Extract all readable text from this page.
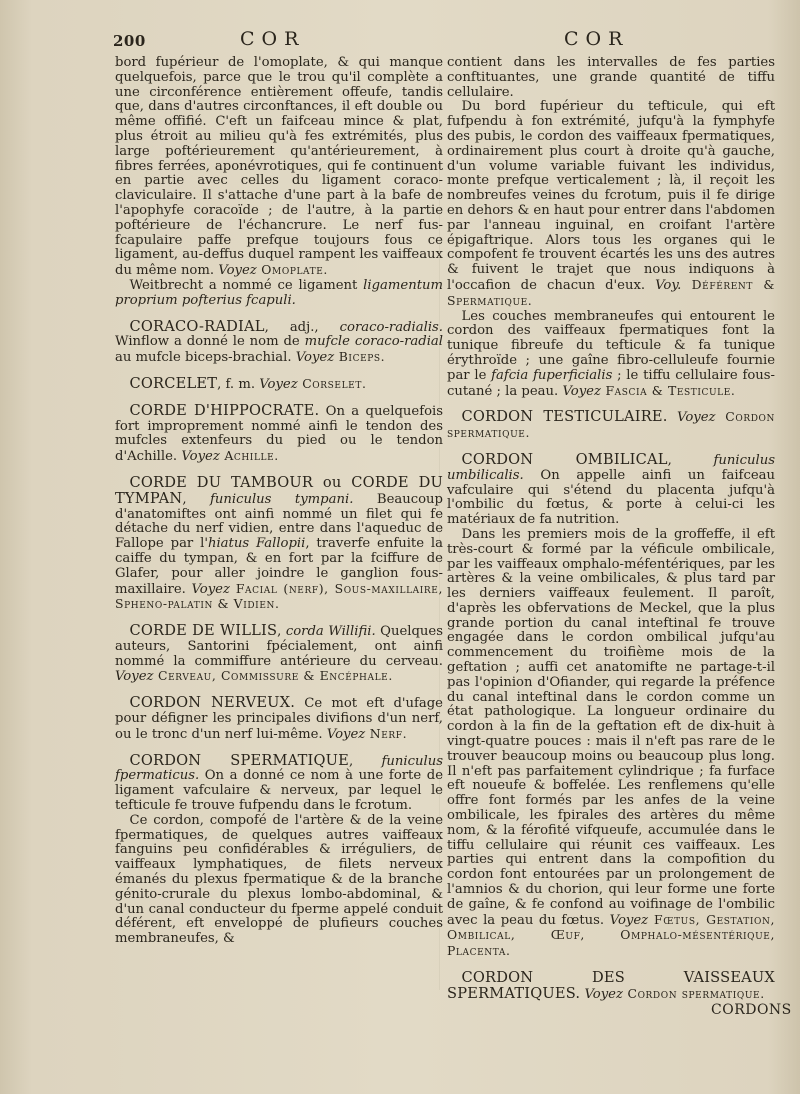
200	COR	COR

bord fupérieur de l'omoplate, & qui manque quelquefois, parce que le trou qu'il complète a une circonférence entièrement offeufe, tandis que, dans d'autres circonftances, il eft double ou même offifié. C'eft un faifceau mince & plat, plus étroit au milieu qu'à fes extrémités, plus large poftérieurement qu'antérieurement, à fibres ferrées, aponévrotiques, qui fe continuent en partie avec celles du ligament coraco-claviculaire. Il s'attache d'une part à la bafe de l'apophyfe coracoïde ; de l'autre, à la partie poftérieure de l'échancrure. Le nerf fus-fcapulaire paffe prefque toujours fous ce ligament, au-deffus duquel rampent les vaiffeaux du même nom. Voyez Omoplate.

Weitbrecht a nommé ce ligament ligamentum proprium pofterius fcapuli.

CORACO-RADIAL, adj., coraco-radialis. Winflow a donné le nom de mufcle coraco-radial au mufcle biceps-brachial. Voyez Biceps.

CORCELET, f. m. Voyez Corselet.

CORDE D'HIPPOCRATE. On a quelquefois fort improprement nommé ainfi le tendon des mufcles extenfeurs du pied ou le tendon d'Achille. Voyez Achille.

CORDE DU TAMBOUR ou CORDE DU TYMPAN, funiculus tympani. Beaucoup d'anatomiftes ont ainfi nommé un filet qui fe détache du nerf vidien, entre dans l'aqueduc de Fallope par l'hiatus Fallopii, traverfe enfuite la caiffe du tympan, & en fort par la fciffure de Glafer, pour aller joindre le ganglion fous-maxillaire. Voyez Facial (nerf), Sous-maxillaire, Spheno-palatin & Vidien.

CORDE DE WILLIS, corda Willifii. Quelques auteurs, Santorini fpécialement, ont ainfi nommé la commiffure antérieure du cerveau. Voyez Cerveau, Commissure & Encéphale.

CORDON NERVEUX. Ce mot eft d'ufage pour défigner les principales divifions d'un nerf, ou le tronc d'un nerf lui-même. Voyez Nerf.

CORDON SPERMATIQUE, funiculus fpermaticus. On a donné ce nom à une forte de ligament vafculaire & nerveux, par lequel le tefticule fe trouve fufpendu dans le fcrotum.

Ce cordon, compofé de l'artère & de la veine fpermatiques, de quelques autres vaiffeaux fanguins peu confidérables & irréguliers, de vaiffeaux lymphatiques, de filets nerveux émanés du plexus fpermatique & de la branche génito-crurale du plexus lombo-abdominal, & d'un canal conducteur du fperme appelé conduit déférent, eft enveloppé de plufieurs couches membraneufes, &

contient dans les intervalles de fes parties conftituantes, une grande quantité de tiffu cellulaire.

Du bord fupérieur du tefticule, qui eft fufpendu à fon extrémité, jufqu'à la fymphyfe des pubis, le cordon des vaiffeaux fpermatiques, ordinairement plus court à droite qu'à gauche, d'un volume variable fuivant les individus, monte prefque verticalement ; là, il reçoit les nombreufes veines du fcrotum, puis il fe dirige en dehors & en haut pour entrer dans l'abdomen par l'anneau inguinal, en croifant l'artère épigaftrique. Alors tous les organes qui le compofent fe trouvent écartés les uns des autres & fuivent le trajet que nous indiquons à l'occafion de chacun d'eux. Voy. Déférent & Spermatique.

Les couches membraneufes qui entourent le cordon des vaiffeaux fpermatiques font la tunique fibreufe du tefticule & fa tunique érythroïde ; une gaîne fibro-celluleufe fournie par le fafcia fuperficialis ; le tiffu cellulaire fous-cutané ; la peau. Voyez Fascia & Testicule.

CORDON TESTICULAIRE. Voyez Cordon spermatique.

CORDON OMBILICAL, funiculus umbilicalis. On appelle ainfi un faifceau vafculaire qui s'étend du placenta jufqu'à l'ombilic du fœtus, & porte à celui-ci les matériaux de fa nutrition.

Dans les premiers mois de la groffeffe, il eft très-court & formé par la véficule ombilicale, par les vaiffeaux omphalo-méfentériques, par les artères & la veine ombilicales, & plus tard par les derniers vaiffeaux feulement. Il paroît, d'après les obfervations de Meckel, que la plus grande portion du canal inteftinal fe trouve engagée dans le cordon ombilical jufqu'au commencement du troifième mois de la geftation ; auffi cet anatomifte ne partage-t-il pas l'opinion d'Ofiander, qui regarde la préfence du canal inteftinal dans le cordon comme un état pathologique. La longueur ordinaire du cordon à la fin de la geftation eft de dix-huit à vingt-quatre pouces : mais il n'eft pas rare de le trouver beaucoup moins ou beaucoup plus long. Il n'eft pas parfaitement cylindrique ; fa furface eft noueufe & boffelée. Les renflemens qu'elle offre font formés par les anfes de la veine ombilicale, les fpirales des artères du même nom, & la férofité vifqueufe, accumulée dans le tiffu cellulaire qui réunit ces vaiffeaux. Les parties qui entrent dans la compofition du cordon font entourées par un prolongement de l'amnios & du chorion, qui leur forme une forte de gaîne, & fe confond au voifinage de l'ombilic avec la peau du fœtus. Voyez Fœtus, Gestation, Ombilical, Œuf, Omphalo-mésentérique, Placenta.

CORDON DES VAISSEAUX SPERMATIQUES. Voyez Cordon spermatique.

CORDONS
